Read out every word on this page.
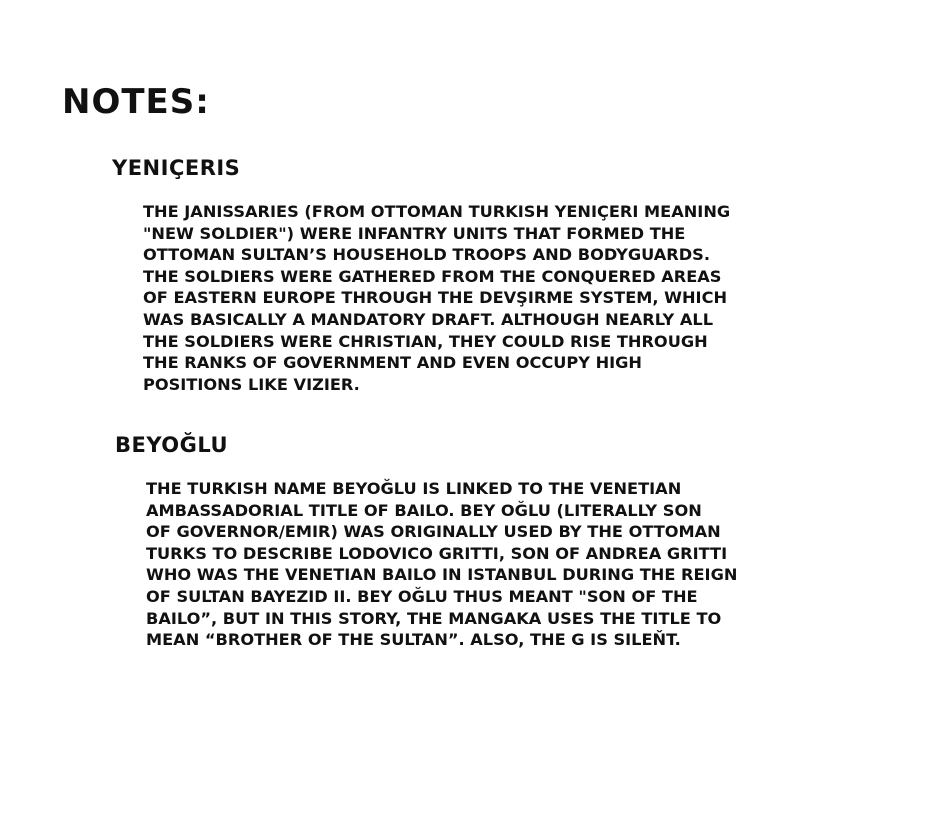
NOTES:
YENIÇERIS
THE JANISSARIES (FROM OTTOMAN TURKISH YENIÇERI MEANING
"NEW SOLDIER") WERE INFANTRY UNITS THAT FORMED THE
OTTOMAN SULTAN’S HOUSEHOLD TROOPS AND BODYGUARDS.
THE SOLDIERS WERE GATHERED FROM THE CONQUERED AREAS
OF EASTERN EUROPE THROUGH THE DEVŞIRME SYSTEM, WHICH
WAS BASICALLY A MANDATORY DRAFT. ALTHOUGH NEARLY ALL
THE SOLDIERS WERE CHRISTIAN, THEY COULD RISE THROUGH
THE RANKS OF GOVERNMENT AND EVEN OCCUPY HIGH
POSITIONS LIKE VIZIER.
BEYOĞLU
THE TURKISH NAME BEYOĞLU IS LINKED TO THE VENETIAN
AMBASSADORIAL TITLE OF BAILO. BEY OĞLU (LITERALLY SON
OF GOVERNOR/EMIR) WAS ORIGINALLY USED BY THE OTTOMAN
TURKS TO DESCRIBE LODOVICO GRITTI, SON OF ANDREA GRITTI
WHO WAS THE VENETIAN BAILO IN ISTANBUL DURING THE REIGN
OF SULTAN BAYEZID II. BEY OĞLU THUS MEANT "SON OF THE
BAILO”, BUT IN THIS STORY, THE MANGAKA USES THE TITLE TO
MEAN “BROTHER OF THE SULTAN”. ALSO, THE G IS SILEŇT.
